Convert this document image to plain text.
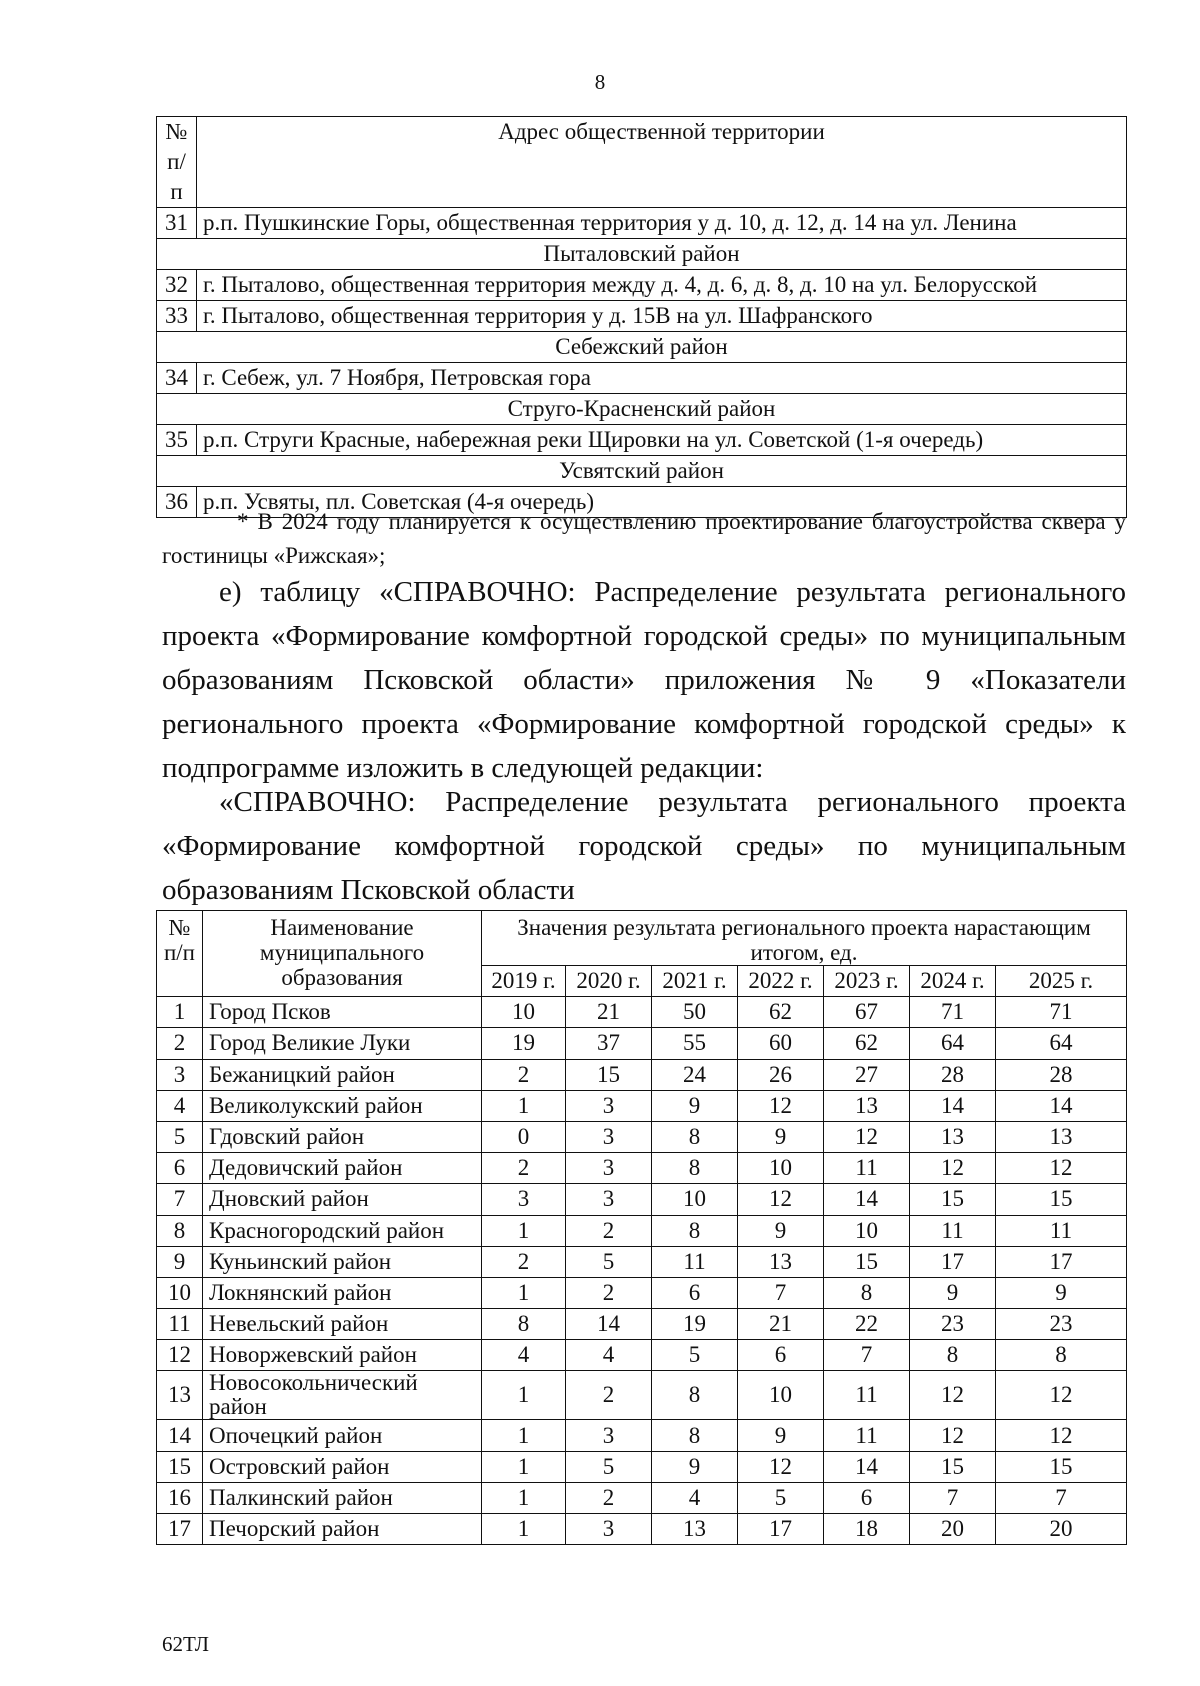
8
№ п/п	Адрес общественной территории
31	р.п. Пушкинские Горы, общественная территория у д. 10, д. 12, д. 14 на ул. Ленина
Пыталовский район	
32	г. Пыталово, общественная территория между д. 4, д. 6, д. 8, д. 10 на ул. Белорусской
33	г. Пыталово, общественная территория у д. 15В на ул. Шафранского
Себежский район	
34	г. Себеж, ул. 7 Ноября, Петровская гора
Струго-Красненский район	
35	р.п. Струги Красные, набережная реки Щировки на ул. Советской (1-я очередь)
Усвятский район	
36	р.п. Усвяты, пл. Советская (4-я очередь)
* В 2024 году планируется к осуществлению проектирование благоустройства сквера у гостиницы «Рижская»;
е) таблицу «СПРАВОЧНО: Распределение результата регионального проекта «Формирование комфортной городской среды» по муниципальным образованиям Псковской области» приложения № 9 «Показатели регионального проекта «Формирование комфортной городской среды» к подпрограмме изложить в следующей редакции:
«СПРАВОЧНО: Распределение результата регионального проекта «Формирование комфортной городской среды» по муниципальным образованиям Псковской области
№ п/п	Наименование муниципального образования	Значения результата регионального проекта нарастающим итогом, ед.						
		2019 г.	2020 г.	2021 г.	2022 г.	2023 г.	2024 г.	2025 г.
1	Город Псков	10	21	50	62	67	71	71
2	Город Великие Луки	19	37	55	60	62	64	64
3	Бежаницкий район	2	15	24	26	27	28	28
4	Великолукский район	1	3	9	12	13	14	14
5	Гдовский район	0	3	8	9	12	13	13
6	Дедовичский район	2	3	8	10	11	12	12
7	Дновский район	3	3	10	12	14	15	15
8	Красногородский район	1	2	8	9	10	11	11
9	Куньинский район	2	5	11	13	15	17	17
10	Локнянский район	1	2	6	7	8	9	9
11	Невельский район	8	14	19	21	22	23	23
12	Новоржевский район	4	4	5	6	7	8	8
13	Новосокольнический район	1	2	8	10	11	12	12
14	Опочецкий район	1	3	8	9	11	12	12
15	Островский район	1	5	9	12	14	15	15
16	Палкинский район	1	2	4	5	6	7	7
17	Печорский район	1	3	13	17	18	20	20
62ТЛ
